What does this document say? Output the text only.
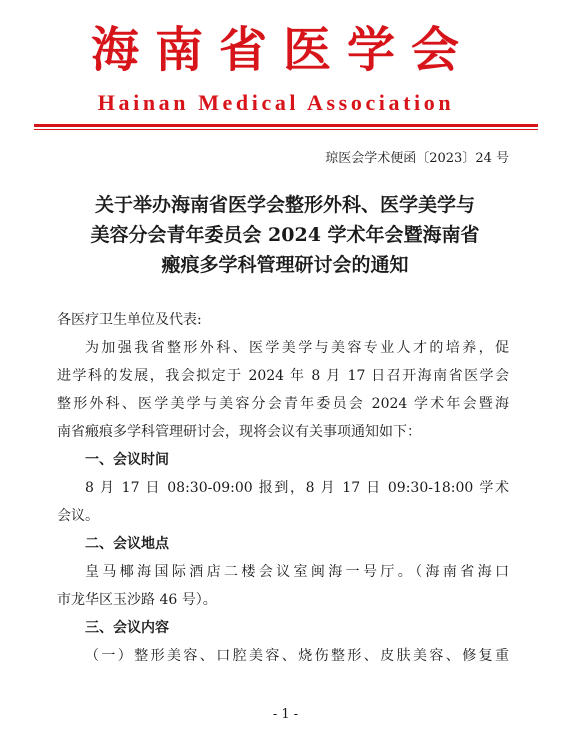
海南省医学会
Hainan Medical Association
琼医会学术便函〔2023〕24 号
关于举办海南省医学会整形外科、医学美学与
美容分会青年委员会 2024 学术年会暨海南省
瘢痕多学科管理研讨会的通知
各医疗卫生单位及代表:
为加强我省整形外科、医学美学与美容专业人才的培养，促
进学科的发展，我会拟定于 2024 年 8 月 17 日召开海南省医学会
整形外科、医学美学与美容分会青年委员会 2024 学术年会暨海
南省瘢痕多学科管理研讨会，现将会议有关事项通知如下：
一、会议时间
8 月 17 日 08:30-09:00 报到，8 月 17 日 09:30-18:00 学术
会议。
二、会议地点
皇马椰海国际酒店二楼会议室闽海一号厅。（海南省海口
市龙华区玉沙路 46 号）。
三、会议内容
（一）整形美容、口腔美容、烧伤整形、皮肤美容、修复重
- 1 -
